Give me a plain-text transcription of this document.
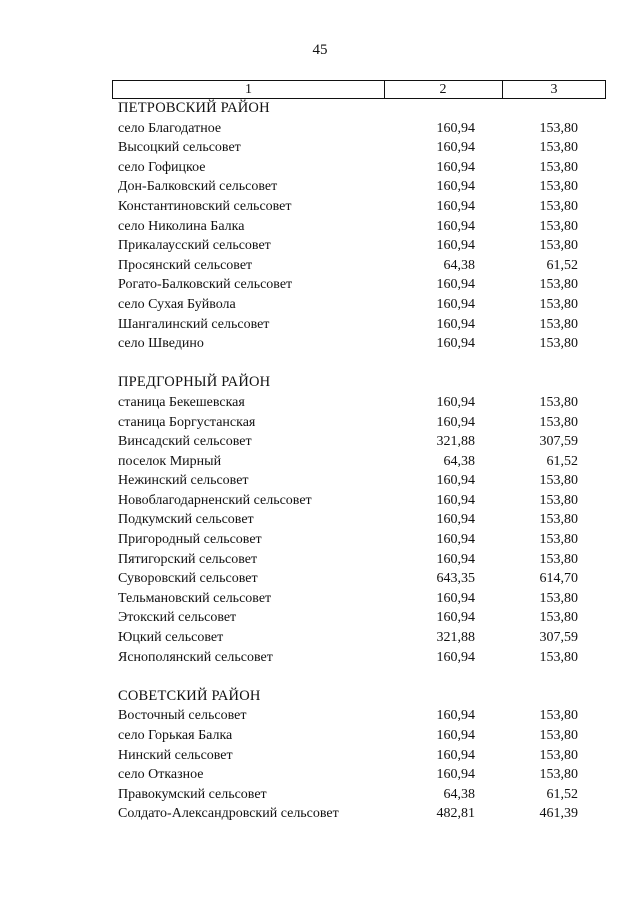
45
1	2	3
ПЕТРОВСКИЙ РАЙОН
село Благодатное	160,94	153,80
Высоцкий сельсовет	160,94	153,80
село Гофицкое	160,94	153,80
Дон-Балковский сельсовет	160,94	153,80
Константиновский сельсовет	160,94	153,80
село Николина Балка	160,94	153,80
Прикалаусский сельсовет	160,94	153,80
Просянский сельсовет	64,38	61,52
Рогато-Балковский сельсовет	160,94	153,80
село Сухая Буйвола	160,94	153,80
Шангалинский сельсовет	160,94	153,80
село Шведино	160,94	153,80
ПРЕДГОРНЫЙ РАЙОН
станица Бекешевская	160,94	153,80
станица Боргустанская	160,94	153,80
Винсадский сельсовет	321,88	307,59
поселок Мирный	64,38	61,52
Нежинский сельсовет	160,94	153,80
Новоблагодарненский сельсовет	160,94	153,80
Подкумский сельсовет	160,94	153,80
Пригородный сельсовет	160,94	153,80
Пятигорский сельсовет	160,94	153,80
Суворовский сельсовет	643,35	614,70
Тельмановский сельсовет	160,94	153,80
Этокский сельсовет	160,94	153,80
Юцкий сельсовет	321,88	307,59
Яснополянский сельсовет	160,94	153,80
СОВЕТСКИЙ РАЙОН
Восточный сельсовет	160,94	153,80
село Горькая Балка	160,94	153,80
Нинский сельсовет	160,94	153,80
село Отказное	160,94	153,80
Правокумский сельсовет	64,38	61,52
Солдато-Александровский сельсовет	482,81	461,39
